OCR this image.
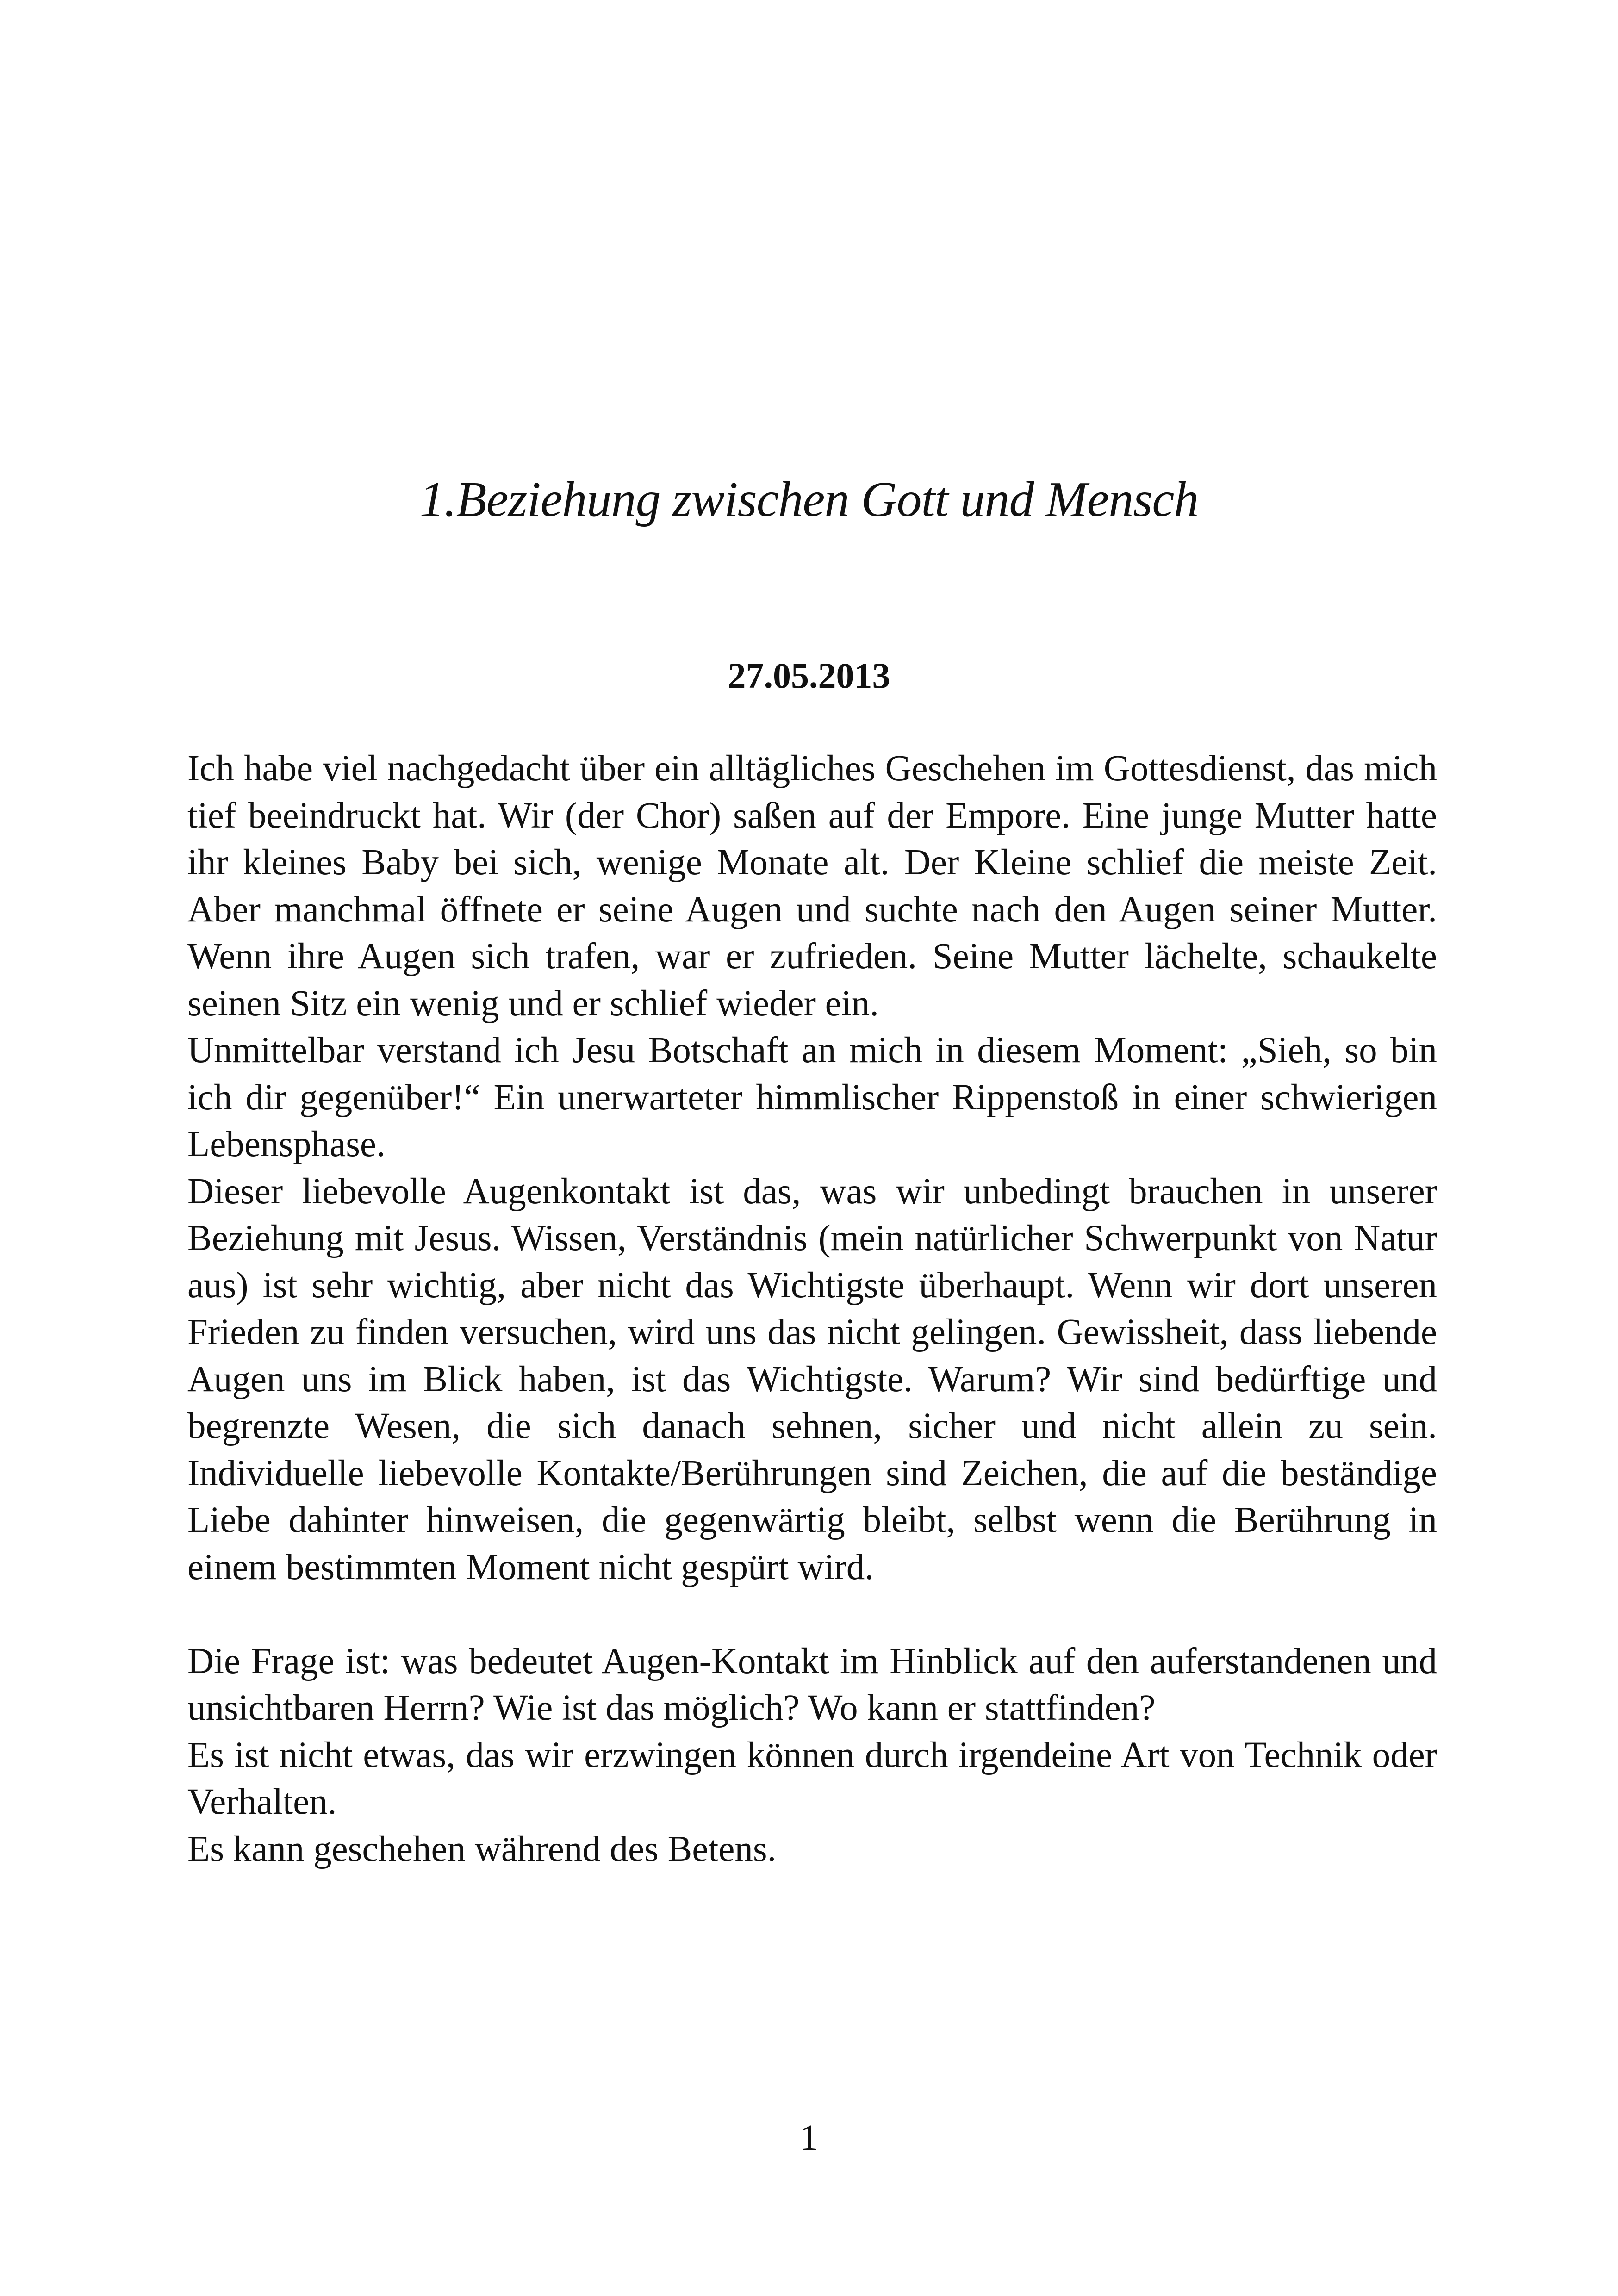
1.Beziehung zwischen Gott und Mensch
27.05.2013

Ich habe viel nachgedacht über ein alltägliches Geschehen im Gottesdienst, das mich tief beeindruckt hat. Wir (der Chor) saßen auf der Empore. Eine junge Mutter hatte ihr kleines Baby bei sich, wenige Monate alt. Der Kleine schlief die meiste Zeit. Aber manchmal öffnete er seine Augen und suchte nach den Augen seiner Mutter. Wenn ihre Augen sich trafen, war er zufrieden. Seine Mutter lächelte, schaukelte seinen Sitz ein wenig und er schlief wieder ein.

Unmittelbar verstand ich Jesu Botschaft an mich in diesem Moment: „Sieh, so bin ich dir gegenüber!“ Ein unerwarteter himmlischer Rippenstoß in einer schwierigen Lebensphase.

Dieser liebevolle Augenkontakt ist das, was wir unbedingt brauchen in unserer Beziehung mit Jesus. Wissen, Verständnis (mein natürlicher Schwerpunkt von Natur aus) ist sehr wichtig, aber nicht das Wichtigste überhaupt. Wenn wir dort unseren Frieden zu finden versuchen, wird uns das nicht gelingen. Gewissheit, dass liebende Augen uns im Blick haben, ist das Wichtigste. Warum? Wir sind bedürftige und begrenzte Wesen, die sich danach sehnen, sicher und nicht allein zu sein. Individuelle liebevolle Kontakte/Berührungen sind Zeichen, die auf die beständige Liebe dahinter hinweisen, die gegenwärtig bleibt, selbst wenn die Berührung in einem bestimmten Moment nicht gespürt wird.

Die Frage ist: was bedeutet Augen-Kontakt im Hinblick auf den auferstandenen und unsichtbaren Herrn? Wie ist das möglich? Wo kann er stattfinden?

Es ist nicht etwas, das wir erzwingen können durch irgendeine Art von Technik oder Verhalten.

Es kann geschehen während des Betens.

1
